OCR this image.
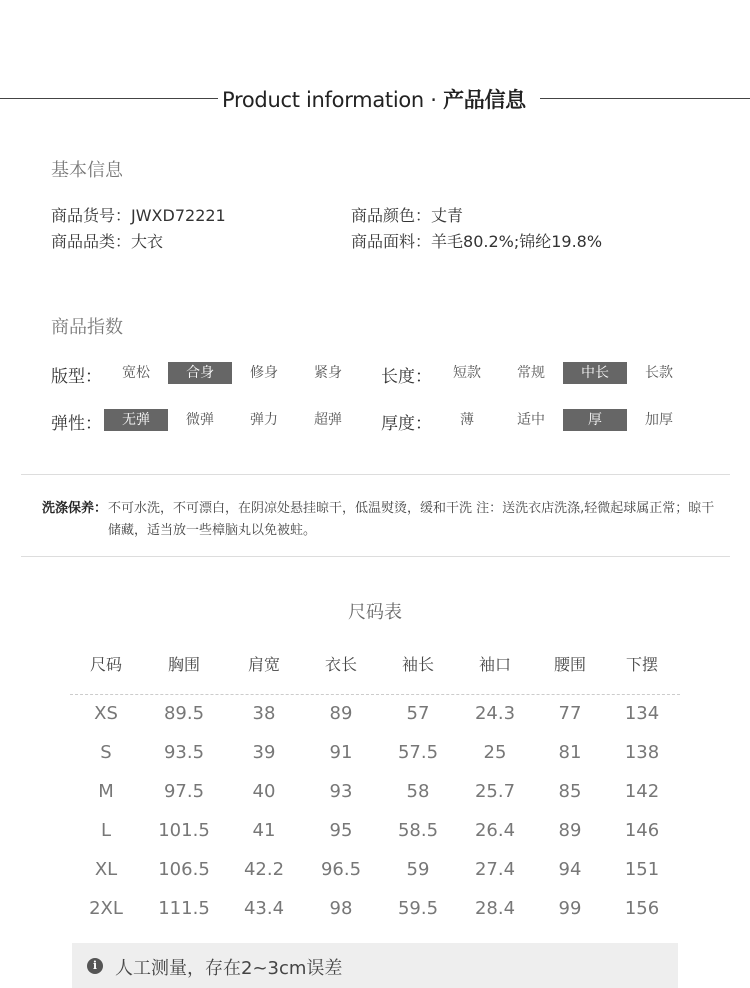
Product information · 产品信息
基本信息
商品货号：JWXD72221	商品颜色：丈青
商品品类：大衣	商品面料：羊毛80.2%;锦纶19.8%
商品指数
版型：	宽松	合身	修身	紧身	长度：	短款	常规	中长	长款
弹性：	无弹	微弹	弹力	超弹	厚度：	薄	适中	厚	加厚
洗涤保养： 不可水洗，不可漂白，在阴凉处悬挂晾干，低温熨烫，缓和干洗 注：送洗衣店洗涤,轻微起球属正常；晾干储藏，适当放一些樟脑丸以免被蛀。
尺码表
尺码	胸围	肩宽	衣长	袖长	袖口	腰围	下摆
XS	89.5	38	89	57	24.3	77	134
S	93.5	39	91	57.5	25	81	138
M	97.5	40	93	58	25.7	85	142
L	101.5	41	95	58.5	26.4	89	146
XL	106.5	42.2	96.5	59	27.4	94	151
2XL	111.5	43.4	98	59.5	28.4	99	156
i 人工测量，存在2~3cm误差
